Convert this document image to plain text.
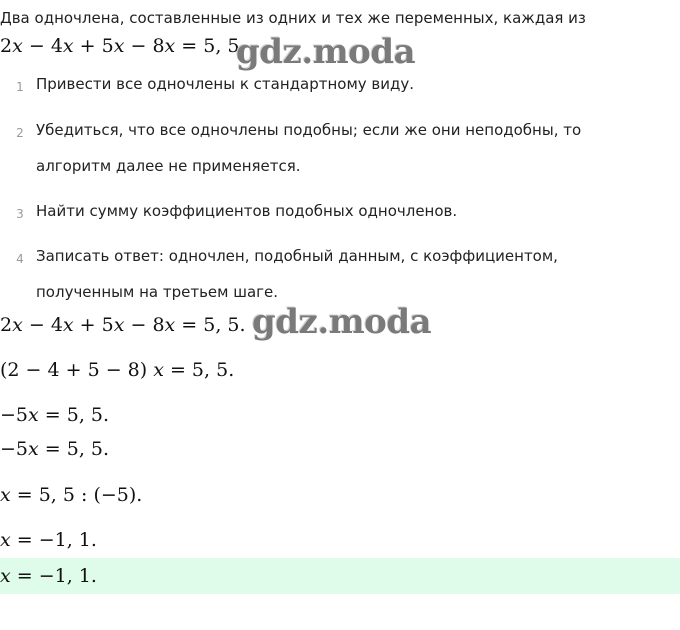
Два одночлена, составленные из одних и тех же переменных, каждая из
2x − 4x + 5x − 8x = 5, 5.
gdz.moda
1 Привести все одночлены к стандартному виду.
2 Убедиться, что все одночлены подобны; если же они неподобны, то алгоритм далее не применяется.
3 Найти сумму коэффициентов подобных одночленов.
4 Записать ответ: одночлен, подобный данным, с коэффициентом, полученным на третьем шаге.
2x − 4x + 5x − 8x = 5, 5. gdz.moda
(2 − 4 + 5 − 8) x = 5, 5.
−5x = 5, 5.
−5x = 5, 5.
x = 5, 5 : (−5).
x = −1, 1.
x = −1, 1.
